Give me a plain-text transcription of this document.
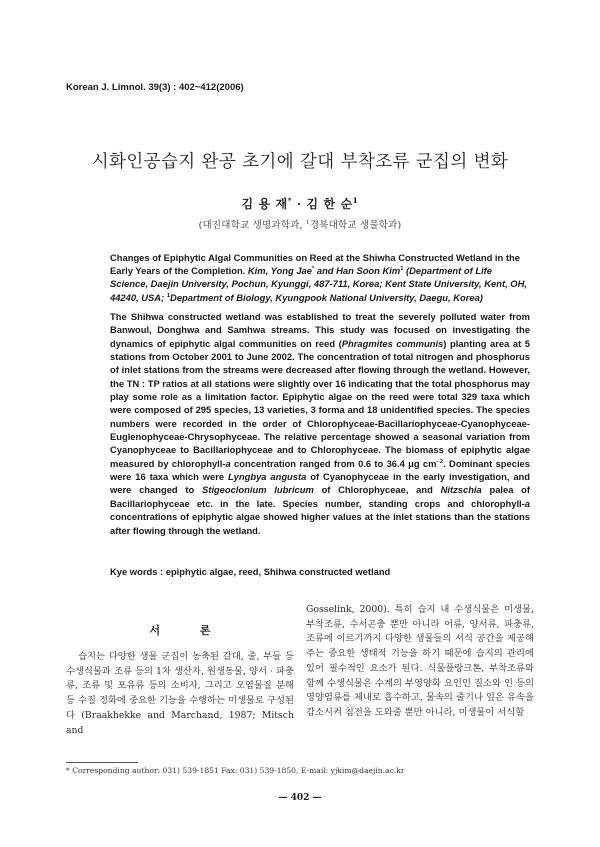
Korean J. Limnol. 39(3) : 402~412(2006)
시화인공습지 완공 초기에 갈대 부착조류 군집의 변화
김 용 재* · 김 한 순$^1$
(대진대학교 생명과학과, $^1$경북대학교 생물학과)
Changes of Epiphytic Algal Communities on Reed at the Shiwha Constructed Wetland in the Early Years of the Completion. Kim, Yong Jae* and Han Soon Kim$^1$ (Department of Life Science, Daejin University, Pochun, Kyunggi, 487-711, Korea; Kent State University, Kent, OH, 44240, USA; $^1$Department of Biology, Kyungpook National University, Daegu, Korea)
The Shihwa constructed wetland was established to treat the severely polluted water from Banwoul, Donghwa and Samhwa streams. This study was focused on investigating the dynamics of epiphytic algal communities on reed (Phragmites communis) planting area at 5 stations from October 2001 to June 2002. The concentration of total nitrogen and phosphorus of inlet stations from the streams were decreased after flowing through the wetland. However, the TN : TP ratios at all stations were slightly over 16 indicating that the total phosphorus may play some role as a limitation factor. Epiphytic algae on the reed were total 329 taxa which were composed of 295 species, 13 varieties, 3 forma and 18 unidentified species. The species numbers were recorded in the order of Chlorophyceae-Bacillariophyceae-Cyanophyceae-Euglenophyceae-Chrysophyceae. The relative percentage showed a seasonal variation from Cyanophyceae to Bacillariophyceae and to Chlorophyceae. The biomass of epiphytic algae measured by chlorophyll-a concentration ranged from 0.6 to 36.4 μg $cm^{-2}$. Dominant species were 16 taxa which were Lyngbya angusta of Cyanophyceae in the early investigation, and were changed to Stigeoclonium lubricum of Chlorophyceae, and Nitzschia palea of Bacillariophyceae etc. in the late. Species number, standing crops and chlorophyll-a concentrations of epiphytic algae showed higher values at the inlet stations than the stations after flowing through the wetland.
Kye words : epiphytic algae, reed, Shihwa constructed wetland
서 론
습지는 다양한 생물 군집이 농축된 갈대, 줄, 부들 등 수생식물과 조류 등의 1차 생산자, 원생동물, 양서 · 파충류, 조류 및 포유류 등의 소비자, 그리고 오염물질 분해 등 수질 정화에 중요한 기능을 수행하는 미생물로 구성된다 (Braakhekke and Marchand, 1987; Mitsch and
Gosselink, 2000). 특히 습지 내 수생식물은 미생물, 부착조류, 수서곤충 뿐만 아니라 어류, 양서류, 파충류, 조류에 이르기까지 다양한 생물들의 서식 공간을 제공해 주는 중요한 생태적 기능을 하기 때문에 습지의 관리에 있어 필수적인 요소가 된다. 식물플랑크톤, 부착조류와 함께 수생식물은 수계의 부영양화 요인인 질소와 인 등의 영양염류를 체내로 흡수하고, 물속의 줄기나 잎은 유속을 감소시켜 침전을 도와줄 뿐만 아니라, 미생물이 서식할
* Corresponding author: 031) 539-1851 Fax: 031) 539-1850, E-mail: yjkim@daejin.ac.kr
— 402 —
